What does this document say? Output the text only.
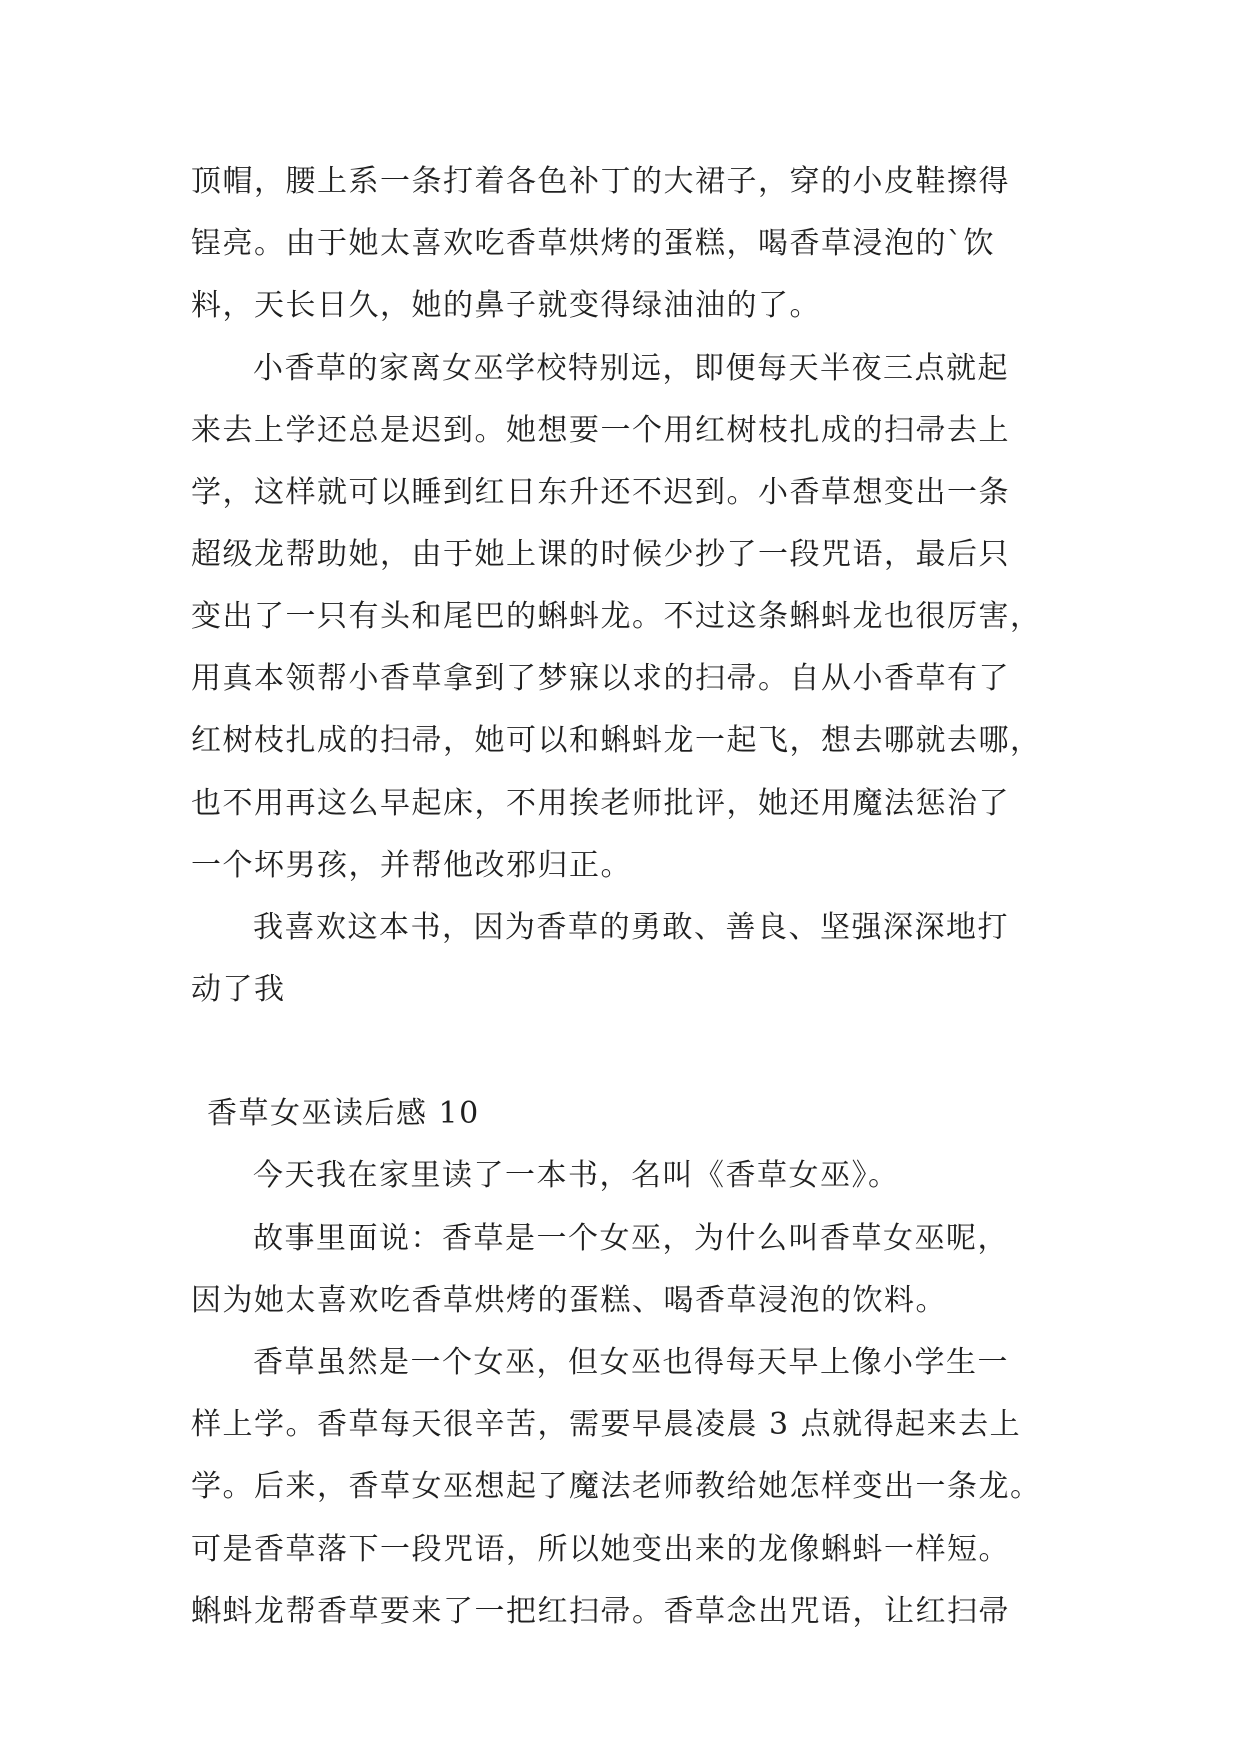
顶帽，腰上系一条打着各色补丁的大裙子，穿的小皮鞋擦得
锃亮。由于她太喜欢吃香草烘烤的蛋糕，喝香草浸泡的`饮
料，天长日久，她的鼻子就变得绿油油的了。
小香草的家离女巫学校特别远，即便每天半夜三点就起
来去上学还总是迟到。她想要一个用红树枝扎成的扫帚去上
学，这样就可以睡到红日东升还不迟到。小香草想变出一条
超级龙帮助她，由于她上课的时候少抄了一段咒语，最后只
变出了一只有头和尾巴的蝌蚪龙。不过这条蝌蚪龙也很厉害，
用真本领帮小香草拿到了梦寐以求的扫帚。自从小香草有了
红树枝扎成的扫帚，她可以和蝌蚪龙一起飞，想去哪就去哪，
也不用再这么早起床，不用挨老师批评，她还用魔法惩治了
一个坏男孩，并帮他改邪归正。
我喜欢这本书，因为香草的勇敢、善良、坚强深深地打
动了我
香草女巫读后感 10
今天我在家里读了一本书，名叫《香草女巫》。
故事里面说：香草是一个女巫，为什么叫香草女巫呢，
因为她太喜欢吃香草烘烤的蛋糕、喝香草浸泡的饮料。
香草虽然是一个女巫，但女巫也得每天早上像小学生一
样上学。香草每天很辛苦，需要早晨凌晨 3 点就得起来去上
学。后来，香草女巫想起了魔法老师教给她怎样变出一条龙。
可是香草落下一段咒语，所以她变出来的龙像蝌蚪一样短。
蝌蚪龙帮香草要来了一把红扫帚。香草念出咒语，让红扫帚
